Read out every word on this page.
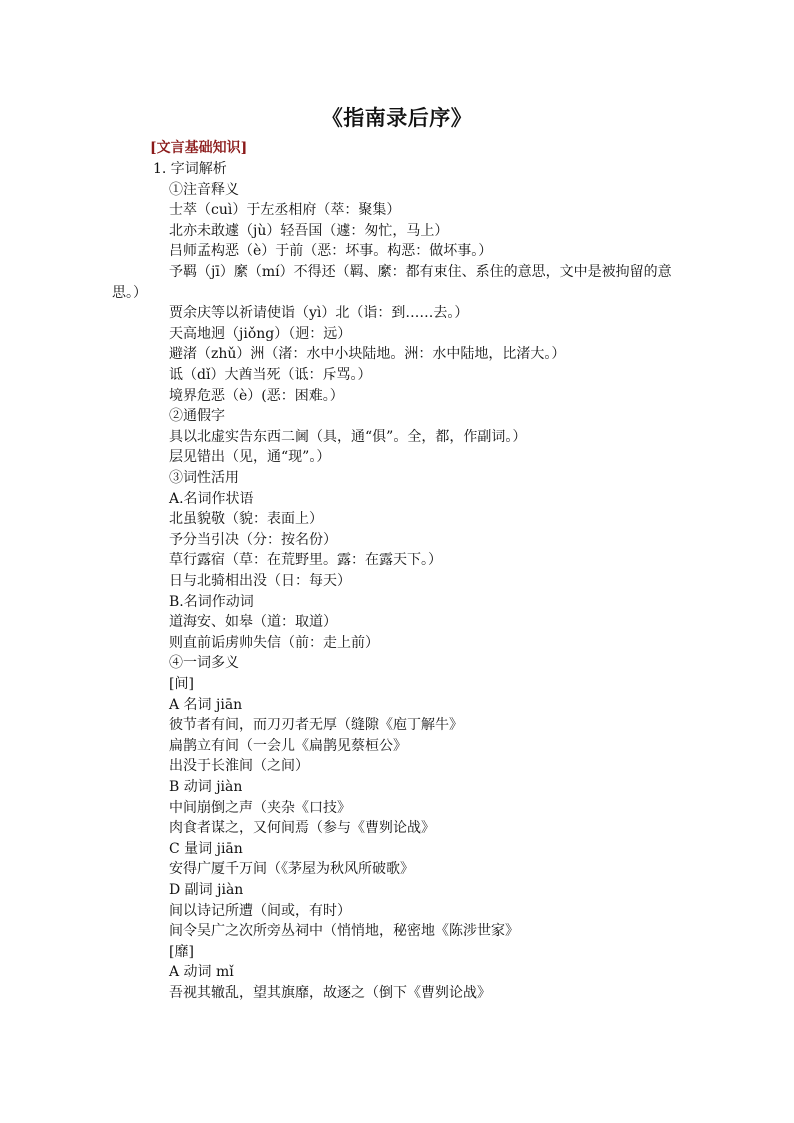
《指南录后序》
[文言基础知识]
1. 字词解析
①注音释义
士萃（cuì）于左丞相府（萃：聚集）
北亦未敢遽（jù）轻吾国（遽：匆忙，马上）
吕师孟构恶（è）于前（恶：坏事。构恶：做坏事。）
予羁（jī）縻（mí）不得还（羁、縻：都有束住、系住的意思，文中是被拘留的意
思。）
贾余庆等以祈请使诣（yì）北（诣：到……去。）
天高地迥（jiǒng）（迥：远）
避渚（zhǔ）洲（渚：水中小块陆地。洲：水中陆地，比渚大。）
诋（dǐ）大酋当死（诋：斥骂。）
境界危恶（è）(恶：困难。）
②通假字
具以北虚实告东西二阃（具，通“俱”。全，都，作副词。）
层见错出（见，通“现”。）
③词性活用
A.名词作状语
北虽貌敬（貌：表面上）
予分当引决（分：按名份）
草行露宿（草：在荒野里。露：在露天下。）
日与北骑相出没（日：每天）
B.名词作动词
道海安、如皋（道：取道）
则直前诟虏帅失信（前：走上前）
④一词多义
[间]
A 名词 jiān
彼节者有间，而刀刃者无厚（缝隙《庖丁解牛》
扁鹊立有间（一会儿《扁鹊见蔡桓公》
出没于长淮间（之间）
B 动词 jiàn
中间崩倒之声（夹杂《口技》
肉食者谋之，又何间焉（参与《曹刿论战》
C 量词 jiān
安得广厦千万间（《茅屋为秋风所破歌》
D 副词 jiàn
间以诗记所遭（间或，有时）
间令吴广之次所旁丛祠中（悄悄地，秘密地《陈涉世家》
[靡]
A 动词 mǐ
吾视其辙乱，望其旗靡，故逐之（倒下《曹刿论战》
